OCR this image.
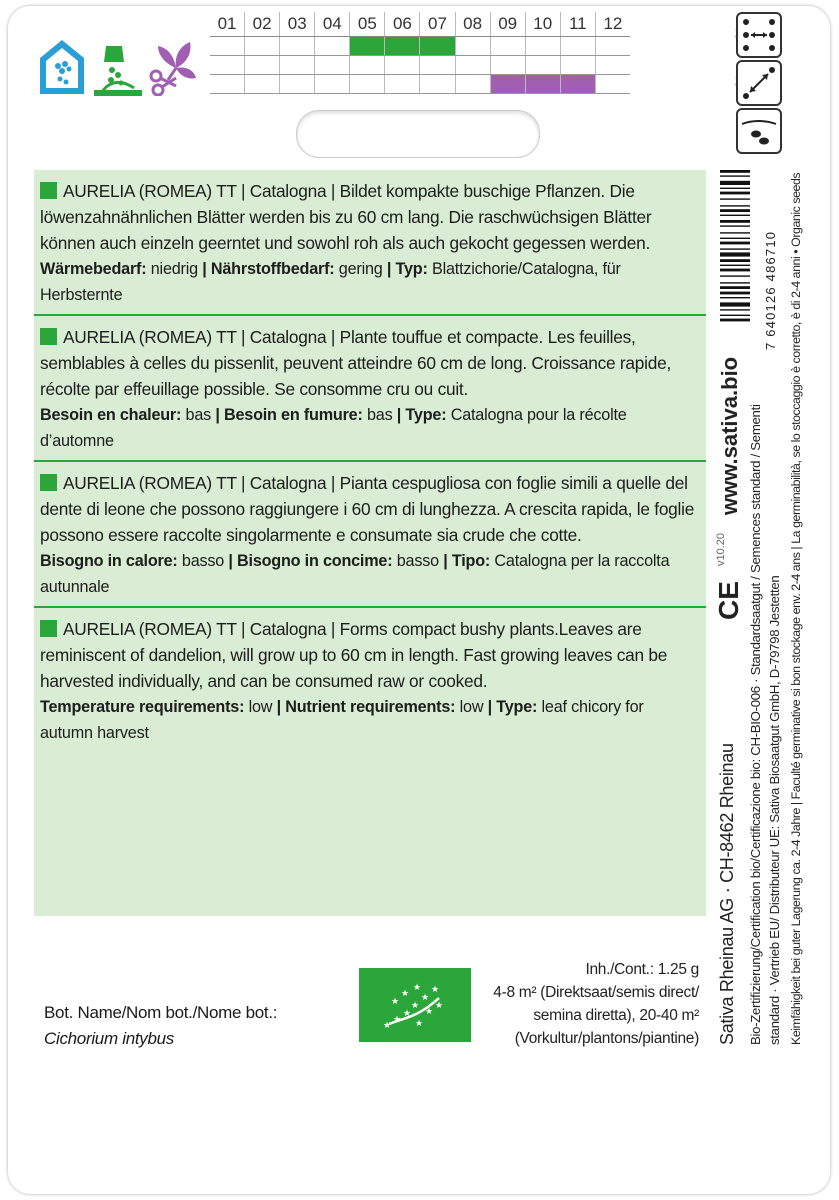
01 02 03 04 05 06 07 08 09 10 11 12

AURELIA (ROMEA) TT | Catalogna | Bildet kompakte buschige Pflanzen. Die löwenzahnähnlichen Blätter werden bis zu 60 cm lang. Die raschwüchsigen Blätter können auch einzeln geerntet und sowohl roh als auch gekocht gegessen werden.

Wärmebedarf: niedrig | Nährstoffbedarf: gering | Typ: Blattzichorie/Catalogna, für Herbsternte

AURELIA (ROMEA) TT | Catalogna | Plante touffue et compacte. Les feuilles, semblables à celles du pissenlit, peuvent atteindre 60 cm de long. Croissance rapide, récolte par effeuillage possible. Se consomme cru ou cuit.

Besoin en chaleur: bas | Besoin en fumure: bas | Type: Catalogna pour la récolte d’automne

AURELIA (ROMEA) TT | Catalogna | Pianta cespugliosa con foglie simili a quelle del dente di leone che possono raggiungere i 60 cm di lunghezza. A crescita rapida, le foglie possono essere raccolte singolarmente e consumate sia crude che cotte.

Bisogno in calore: basso | Bisogno in concime: basso | Tipo: Catalogna per la raccolta autunnale

AURELIA (ROMEA) TT | Catalogna | Forms compact bushy plants.Leaves are reminiscent of dandelion, will grow up to 60 cm in length. Fast growing leaves can be harvested individually, and can be consumed raw or cooked.

Temperature requirements: low | Nutrient requirements: low | Type: leaf chicory for autumn harvest

Bot. Name/Nom bot./Nome bot.:
Cichorium intybus
★
★
★
★
★
★
★
★
★
★
★
★
Inh./Cont.: 1.25 g
4-8 m² (Direktsaat/semis direct/
semina diretta), 20-40 m²
(Vorkultur/plantons/piantine) Sativa Rheinau AG · CH-8462 Rheinau Bio-Zertifizierung/Certification bio/Certificazione bio: CH-BIO-006 · Standardsaatgut / Semences standard / Sementi standard · Vertrieb EU/ Distributeur UE: Sativa Biosaatgut GmbH, D-79798 Jestetten Keimfähigkeit bei guter Lagerung ca. 2-4 Jahre | Faculté germinative si bon stockage env. 2-4 ans | La germinabilità, se lo stoccaggio è corretto, è di 2-4 anni • Organic seeds
www.sativa.bio
v10.20
CE
7 640126 486710
